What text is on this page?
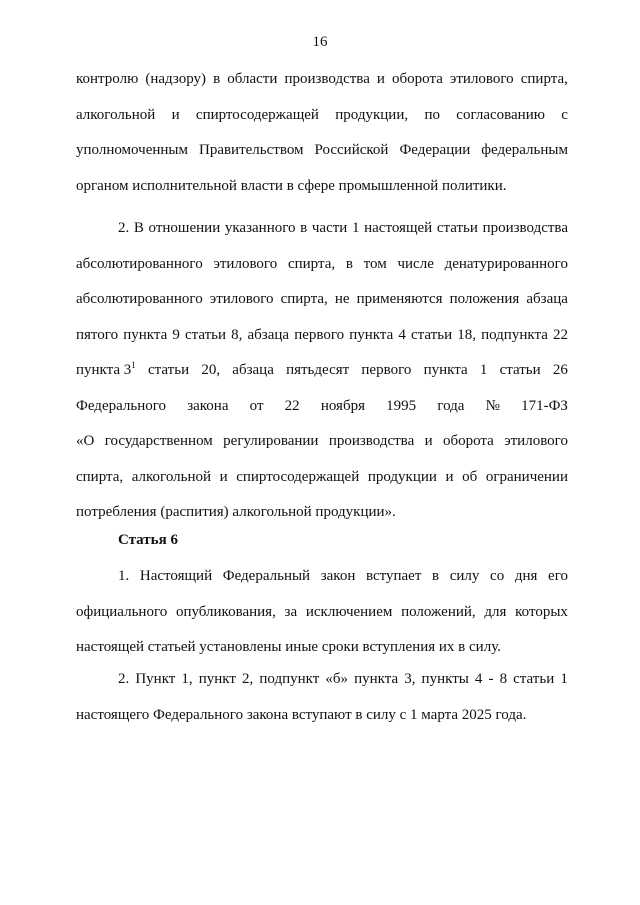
16
контролю (надзору) в области производства и оборота этилового спирта,
алкогольной и спиртосодержащей продукции, по согласованию с
уполномоченным Правительством Российской Федерации федеральным
органом исполнительной власти в сфере промышленной политики.
2. В отношении указанного в части 1 настоящей статьи производства
абсолютированного этилового спирта, в том числе денатурированного
абсолютированного этилового спирта, не применяются положения абзаца
пятого пункта 9 статьи 8, абзаца первого пункта 4 статьи 18, подпункта 22
пункта $3^1$ статьи 20, абзаца пятьдесят первого пункта 1 статьи 26
Федерального закона от 22 ноября 1995 года № 171-ФЗ
«О государственном регулировании производства и оборота этилового
спирта, алкогольной и спиртосодержащей продукции и об ограничении
потребления (распития) алкогольной продукции».
Статья 6
1. Настоящий Федеральный закон вступает в силу со дня его
официального опубликования, за исключением положений, для которых
настоящей статьей установлены иные сроки вступления их в силу.
2. Пункт 1, пункт 2, подпункт «б» пункта 3, пункты 4 - 8 статьи 1
настоящего Федерального закона вступают в силу с 1 марта 2025 года.
